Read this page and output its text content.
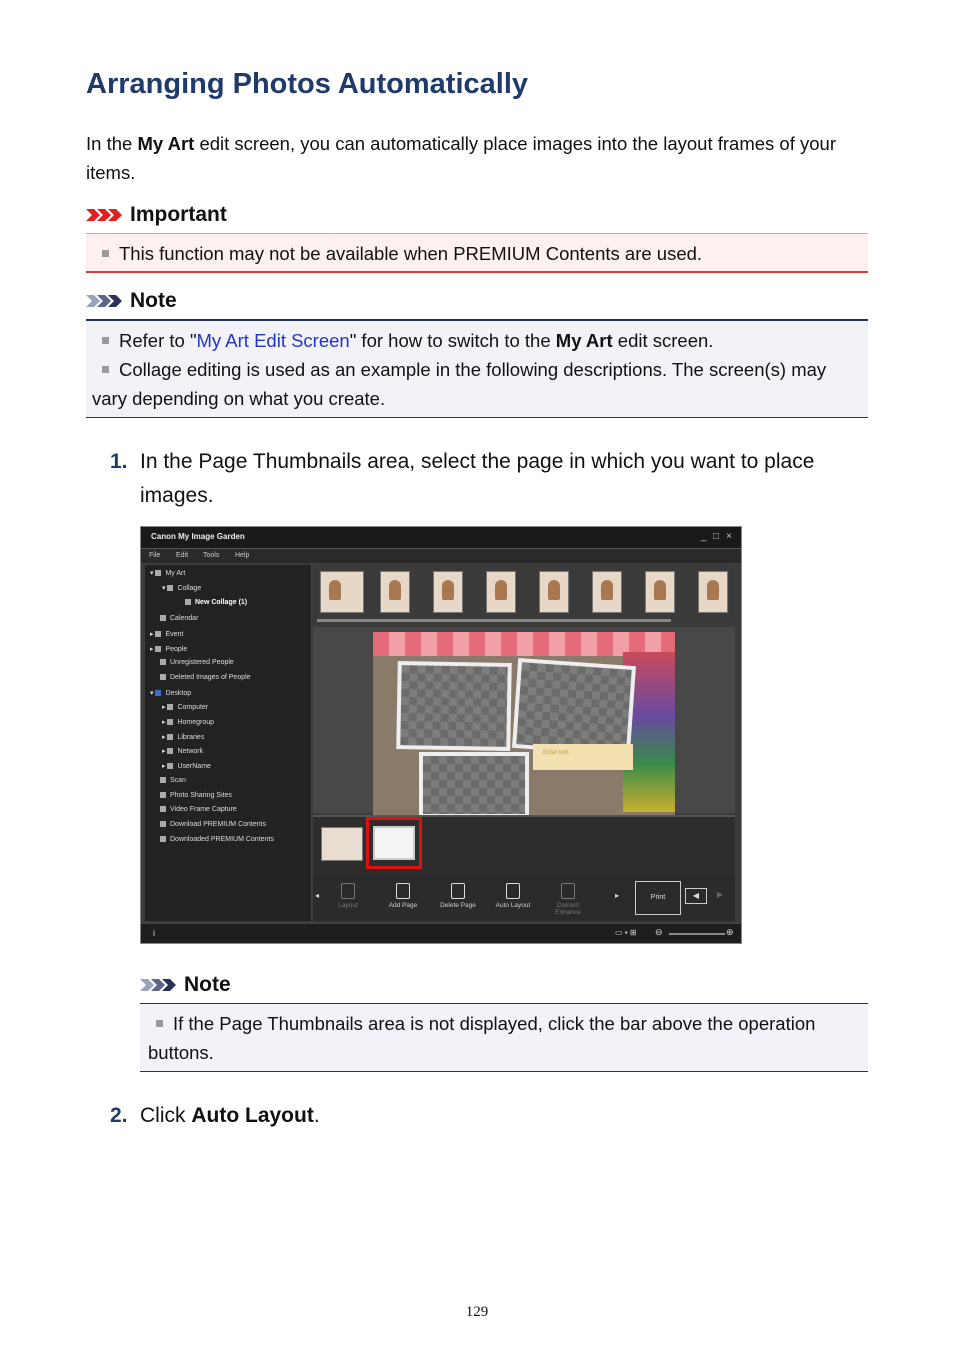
Arranging Photos Automatically
In the My Art edit screen, you can automatically place images into the layout frames of your items.
Important
This function may not be available when PREMIUM Contents are used.
Note
Refer to "My Art Edit Screen" for how to switch to the My Art edit screen.
Collage editing is used as an example in the following descriptions. The screen(s) may
vary depending on what you create.
1. In the Page Thumbnails area, select the page in which you want to place
images.
Canon My Image Garden	_ □ ×
File Edit Tools Help
▾ My Art
▾ Collage
New Collage (1)
Calendar
▸ Event
▸ People
Unregistered People
Deleted Images of People
▾ Desktop
▸ Computer
▸ Homegroup
▸ Libraries
▸ Network
▸ UserName
Scan
Photo Sharing Sites
Video Frame Capture
Download PREMIUM Contents
Downloaded PREMIUM Contents
Enter text
◂
Layout	Add Page	Delete Page	Auto Layout	Correct/ Enhance
▸	Print	◀	▶
i	▭ ▪ ⊞ ⊖	⊕
Note
If the Page Thumbnails area is not displayed, click the bar above the operation
buttons.
2. Click Auto Layout.
129
